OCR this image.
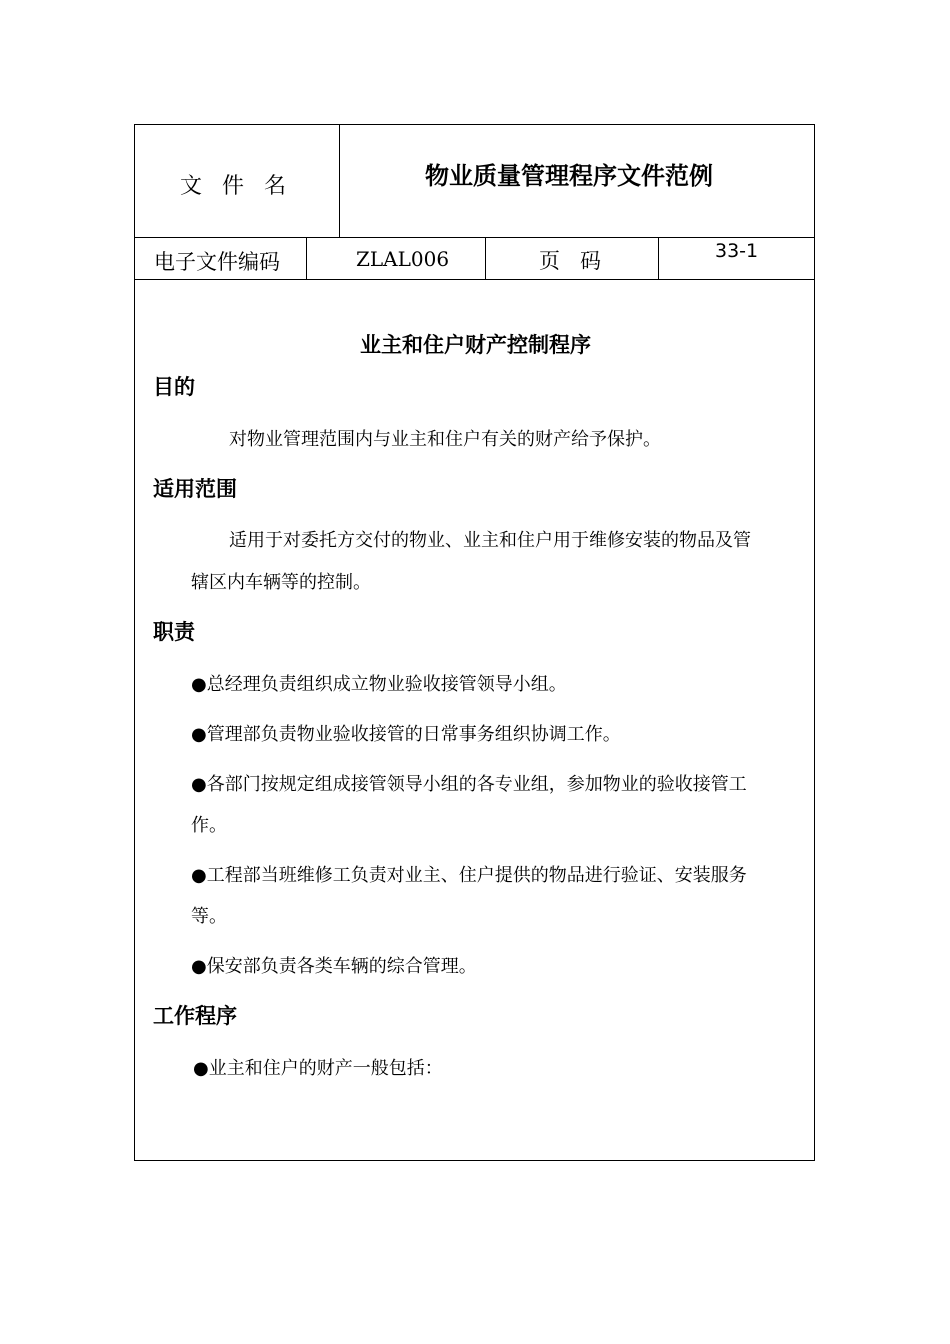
文件名	物业质量管理程序文件范例
电子文件编码	ZLAL006	页码	33-1
业主和住户财产控制程序
目的
对物业管理范围内与业主和住户有关的财产给予保护。
适用范围
适用于对委托方交付的物业、业主和住户用于维修安装的物品及管
辖区内车辆等的控制。
职责
●总经理负责组织成立物业验收接管领导小组。
●管理部负责物业验收接管的日常事务组织协调工作。
●各部门按规定组成接管领导小组的各专业组，参加物业的验收接管工
作。
●工程部当班维修工负责对业主、住户提供的物品进行验证、安装服务
等。
●保安部负责各类车辆的综合管理。
工作程序
●业主和住户的财产一般包括：
